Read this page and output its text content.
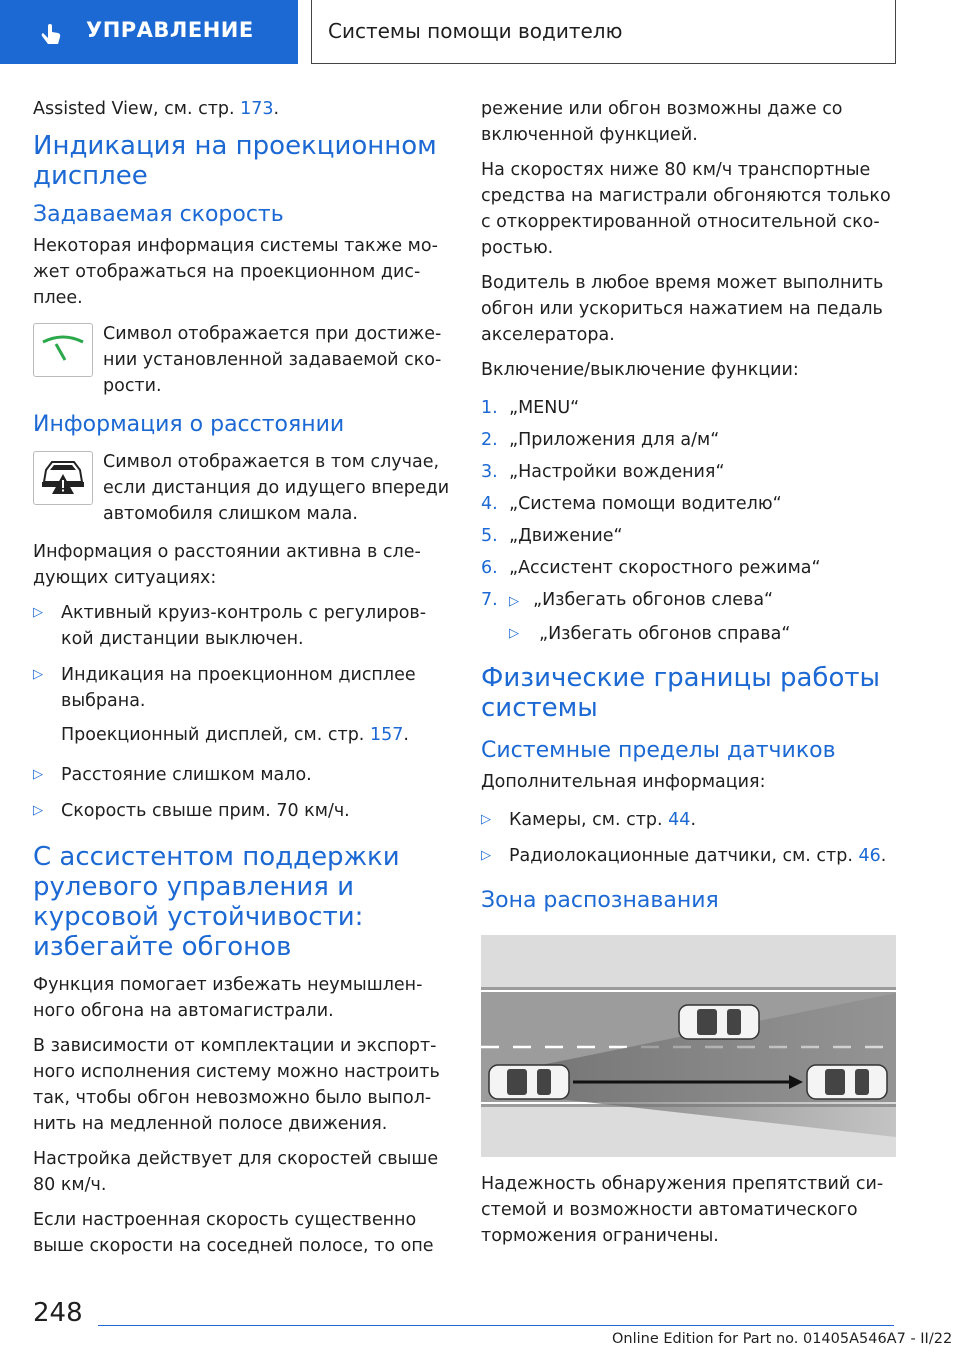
УПРАВЛЕНИЕ	Системы помощи водителю

Assisted View, см. стр. 173.

Индикация на проекционном дисплее
Задаваемая скорость

Некоторая информация системы также может отображаться на проекционном дисплее.

Символ отображается при достижении установленной задаваемой скорости.

Информация о расстоянии

Символ отображается в том случае, если дистанция до идущего впереди автомобиля слишком мала.

Информация о расстоянии активна в следующих ситуациях:

▷ Активный круиз-контроль с регулировкой дистанции выключен.
▷ Индикация на проекционном дисплее выбрана.

Проекционный дисплей, см. стр. 157.

▷ Расстояние слишком мало.
▷ Скорость свыше прим. 70 км/ч.
С ассистентом поддержки рулевого управления и курсовой устойчивости: избегайте обгонов

Функция помогает избежать неумышленного обгона на автомагистрали.

В зависимости от комплектации и экспортного исполнения систему можно настроить так, чтобы обгон невозможно было выполнить на медленной полосе движения.

Настройка действует для скоростей свыше 80 км/ч.

Если настроенная скорость существенно выше скорости на соседней полосе, то опе

режение или обгон возможны даже со включенной функцией.

На скоростях ниже 80 км/ч транспортные средства на магистрали обгоняются только с откорректированной относительной скоростью.

Водитель в любое время может выполнить обгон или ускориться нажатием на педаль акселератора.

Включение/выключение функции:

1. „MENU“
2. „Приложения для а/м“
3. „Настройки вождения“
4. „Система помощи водителю“
5. „Движение“
6. „Ассистент скоростного режима“
7. ▷ „Избегать обгонов слева“
▷ „Избегать обгонов справа“
Физические границы работы системы
Системные пределы датчиков

Дополнительная информация:

▷ Камеры, см. стр. 44.
▷ Радиолокационные датчики, см. стр. 46.
Зона распознавания

Надежность обнаружения препятствий системой и возможности автоматического торможения ограничены.

248
Online Edition for Part no. 01405A546A7 - II/22
